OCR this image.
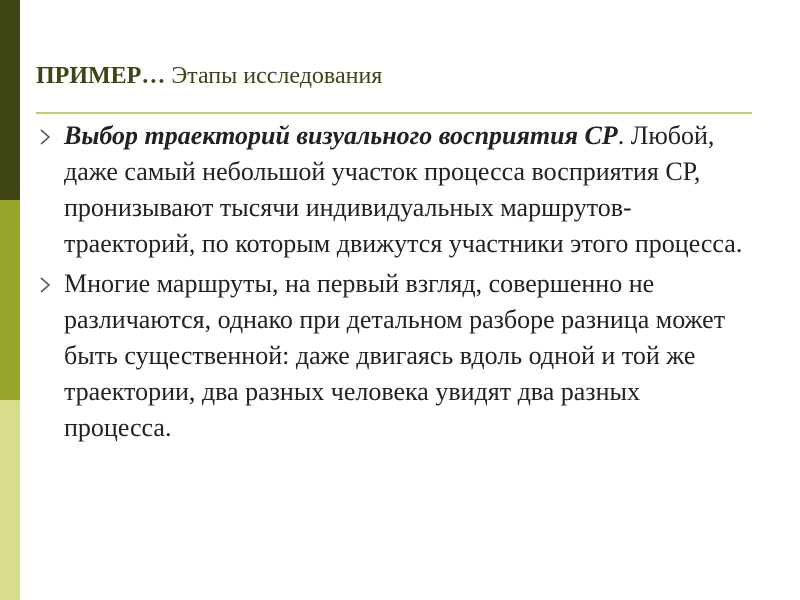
ПРИМЕР… Этапы исследования
Выбор траекторий визуального восприятия СР. Любой, даже самый небольшой участок процесса восприятия СР, пронизывают тысячи индивидуальных маршрутов-траекторий, по которым движутся участники этого процесса.
Многие маршруты, на первый взгляд, совершенно не различаются, однако при детальном разборе разница может быть существенной: даже двигаясь вдоль одной и той же траектории, два разных человека увидят два разных процесса.
